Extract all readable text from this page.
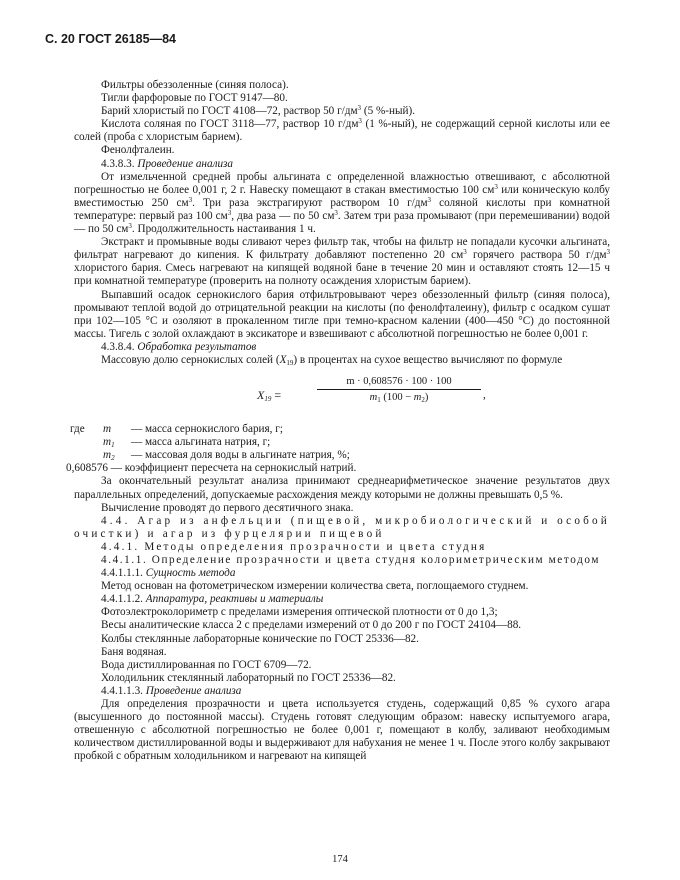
С. 20 ГОСТ 26185—84

Фильтры обеззоленные (синяя полоса).

Тигли фарфоровые по ГОСТ 9147—80.

Барий хлористый по ГОСТ 4108—72, раствор 50 $г/дм^3$ (5 %-ный).

Кислота соляная по ГОСТ 3118—77, раствор 10 $г/дм^3$ (1 %-ный), не содержащий серной кислоты или ее солей (проба с хлористым барием).

Фенолфталеин.

4.3.8.3. Проведение анализа

От измельченной средней пробы альгината с определенной влажностью отвешивают, с абсолютной погрешностью не более 0,001 г, 2 г. Навеску помещают в стакан вместимостью 100 $см^3$ или коническую колбу вместимостью 250 $см^3$. Три раза экстрагируют раствором 10 $г/дм^3$ соляной кислоты при комнатной температуре: первый раз 100 $см^3$, два раза — по 50 $см^3$. Затем три раза промывают (при перемешивании) водой — по 50 $см^3$. Продолжительность настаивания 1 ч.

Экстракт и промывные воды сливают через фильтр так, чтобы на фильтр не попадали кусочки альгината, фильтрат нагревают до кипения. К фильтрату добавляют постепенно 20 $см^3$ горячего раствора 50 $г/дм^3$ хлористого бария. Смесь нагревают на кипящей водяной бане в течение 20 мин и оставляют стоять 12—15 ч при комнатной температуре (проверить на полноту осаждения хлористым барием).

Выпавший осадок сернокислого бария отфильтровывают через обеззоленный фильтр (синяя полоса), промывают теплой водой до отрицательной реакции на кислоты (по фенолфталеину), фильтр с осадком сушат при 102—105 °С и озоляют в прокаленном тигле при темно-красном калении (400—450 °С) до постоянной массы. Тигель с золой охлаждают в эксикаторе и взвешивают с абсолютной погрешностью не более 0,001 г.

4.3.8.4. Обработка результатов

Массовую долю сернокислых солей $(X_{19})$ в процентах на сухое вещество вычисляют по формуле

$X_{19}$ =
m · 0,608576 · 100 · 100
$m_1$ $(100 - m_2)$	,

где m — масса сернокислого бария, г;

$m_1$ — масса альгината натрия, г;

$m_2$ — массовая доля воды в альгинате натрия, %;

0,608576 — коэффициент пересчета на сернокислый натрий.

За окончательный результат анализа принимают среднеарифметическое значение результатов двух параллельных определений, допускаемые расхождения между которыми не должны превышать 0,5 %.

Вычисление проводят до первого десятичного знака.

4.4. Агар из анфельции (пищевой, микробиологический и особой очистки) и агар из фурцелярии пищевой

4.4.1. Методы определения прозрачности и цвета студня

4.4.1.1. Определение прозрачности и цвета студня колориметрическим методом

4.4.1.1.1. Сущность метода

Метод основан на фотометрическом измерении количества света, поглощаемого студнем.

4.4.1.1.2. Аппаратура, реактивы и материалы

Фотоэлектроколориметр с пределами измерения оптической плотности от 0 до 1,3;

Весы аналитические класса 2 с пределами измерений от 0 до 200 г по ГОСТ 24104—88.

Колбы стеклянные лабораторные конические по ГОСТ 25336—82.

Баня водяная.

Вода дистиллированная по ГОСТ 6709—72.

Холодильник стеклянный лабораторный по ГОСТ 25336—82.

4.4.1.1.3. Проведение анализа

Для определения прозрачности и цвета используется студень, содержащий 0,85 % сухого агара (высушенного до постоянной массы). Студень готовят следующим образом: навеску испытуемого агара, отвешенную с абсолютной погрешностью не более 0,001 г, помещают в колбу, заливают необходимым количеством дистиллированной воды и выдерживают для набухания не менее 1 ч. После этого колбу закрывают пробкой с обратным холодильником и нагревают на кипящей

174
